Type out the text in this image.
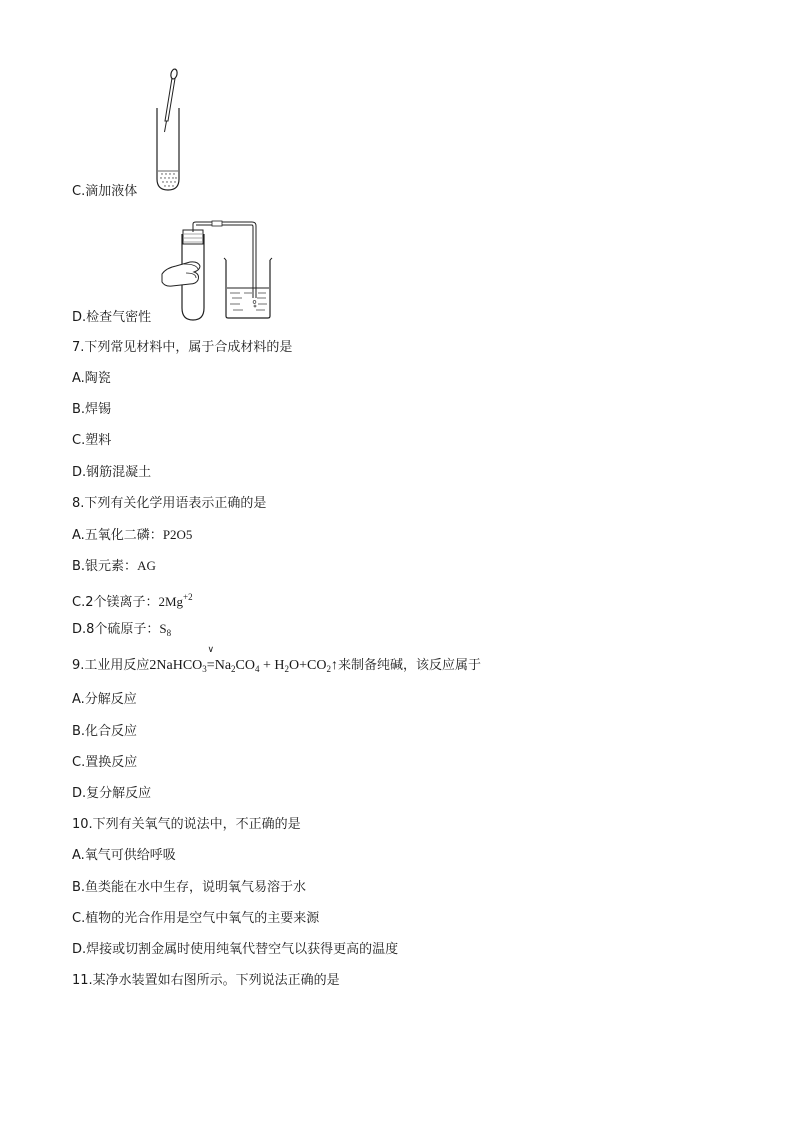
C.滴加液体
D.检查气密性
7.下列常见材料中，属于合成材料的是
A.陶瓷
B.焊锡
C.塑料
D.钢筋混凝土
8.下列有关化学用语表示正确的是
A.五氧化二磷：P2O5
B.银元素：AG
C.2个镁离子：$2Mg^{+2}$
D.8个硫原子：$S_8$
9.工业用反应2NaHCO$_3$
∨
$=Na_2CO_4$ + $H_2O+CO_2↑$来制备纯碱，该反应属于
A.分解反应
B.化合反应
C.置换反应
D.复分解反应
10.下列有关氧气的说法中，不正确的是
A.氧气可供给呼吸
B.鱼类能在水中生存，说明氧气易溶于水
C.植物的光合作用是空气中氧气的主要来源
D.焊接或切割金属时使用纯氧代替空气以获得更高的温度
11.某净水装置如右图所示。下列说法正确的是
